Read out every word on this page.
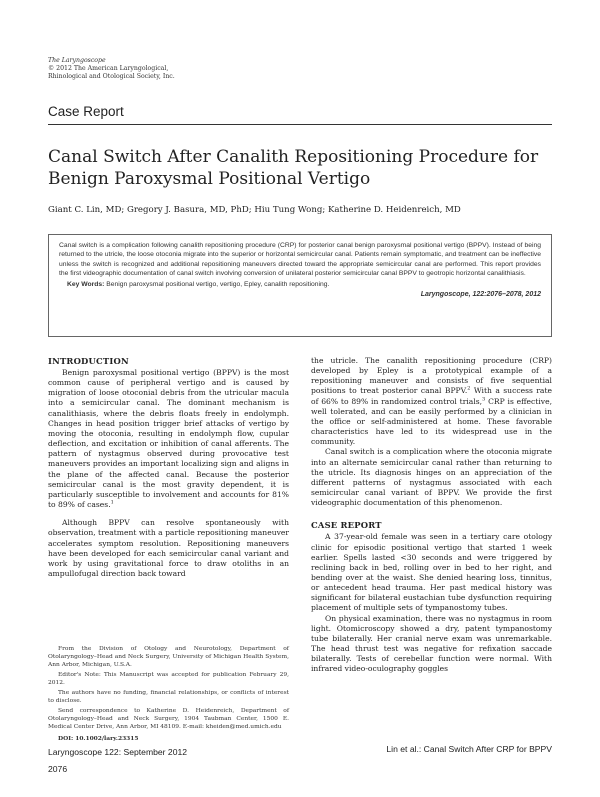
The Laryngoscope
© 2012 The American Laryngological,
Rhinological and Otological Society, Inc.
Case Report
Canal Switch After Canalith Repositioning Procedure for Benign Paroxysmal Positional Vertigo
Giant C. Lin, MD; Gregory J. Basura, MD, PhD; Hiu Tung Wong; Katherine D. Heidenreich, MD

Canal switch is a complication following canalith repositioning procedure (CRP) for posterior canal benign paroxysmal positional vertigo (BPPV). Instead of being returned to the utricle, the loose otoconia migrate into the superior or horizontal semicircular canal. Patients remain symptomatic, and treatment can be ineffective unless the switch is recognized and additional repositioning maneuvers directed toward the appropriate semicircular canal are performed. This report provides the first videographic documentation of canal switch involving conversion of unilateral posterior semicircular canal BPPV to geotropic horizontal canalithiasis.

Key Words: Benign paroxysmal positional vertigo, vertigo, Epley, canalith repositioning.
Laryngoscope, 122:2076–2078, 2012
INTRODUCTION

Benign paroxysmal positional vertigo (BPPV) is the most common cause of peripheral vertigo and is caused by migration of loose otoconial debris from the utricular macula into a semicircular canal. The dominant mechanism is canalithiasis, where the debris floats freely in endolymph. Changes in head position trigger brief attacks of vertigo by moving the otoconia, resulting in endolymph flow, cupular deflection, and excitation or inhibition of canal afferents. The pattern of nystagmus observed during provocative test maneuvers provides an important localizing sign and aligns in the plane of the affected canal. Because the posterior semicircular canal is the most gravity dependent, it is particularly susceptible to involvement and accounts for 81% to 89% of cases.$^1$

Although BPPV can resolve spontaneously with observation, treatment with a particle repositioning maneuver accelerates symptom resolution. Repositioning maneuvers have been developed for each semicircular canal variant and work by using gravitational force to draw otoliths in an ampullofugal direction back toward

the utricle. The canalith repositioning procedure (CRP) developed by Epley is a prototypical example of a repositioning maneuver and consists of five sequential positions to treat posterior canal BPPV.$^2$ With a success rate of 66% to 89% in randomized control trials,$^3$ CRP is effective, well tolerated, and can be easily performed by a clinician in the office or self-administered at home. These favorable characteristics have led to its widespread use in the community.

Canal switch is a complication where the otoconia migrate into an alternate semicircular canal rather than returning to the utricle. Its diagnosis hinges on an appreciation of the different patterns of nystagmus associated with each semicircular canal variant of BPPV. We provide the first videographic documentation of this phenomenon.

CASE REPORT

A 37-year-old female was seen in a tertiary care otology clinic for episodic positional vertigo that started 1 week earlier. Spells lasted <30 seconds and were triggered by reclining back in bed, rolling over in bed to her right, and bending over at the waist. She denied hearing loss, tinnitus, or antecedent head trauma. Her past medical history was significant for bilateral eustachian tube dysfunction requiring placement of multiple sets of tympanostomy tubes.

On physical examination, there was no nystagmus in room light. Otomicroscopy showed a dry, patent tympanostomy tube bilaterally. Her cranial nerve exam was unremarkable. The head thrust test was negative for refixation saccade bilaterally. Tests of cerebellar function were normal. With infrared video-oculography goggles

From the Division of Otology and Neurotology, Department of Otolaryngology–Head and Neck Surgery, University of Michigan Health System, Ann Arbor, Michigan, U.S.A.

Editor's Note: This Manuscript was accepted for publication February 29, 2012.

The authors have no funding, financial relationships, or conflicts of interest to disclose.

Send correspondence to Katherine D. Heidenreich, Department of Otolaryngology–Head and Neck Surgery, 1904 Taubman Center, 1500 E. Medical Center Drive, Ann Arbor, MI 48109. E-mail: kheiden@med.umich.edu

DOI: 10.1002/lary.23315

Laryngoscope 122: September 2012
2076
Lin et al.: Canal Switch After CRP for BPPV
